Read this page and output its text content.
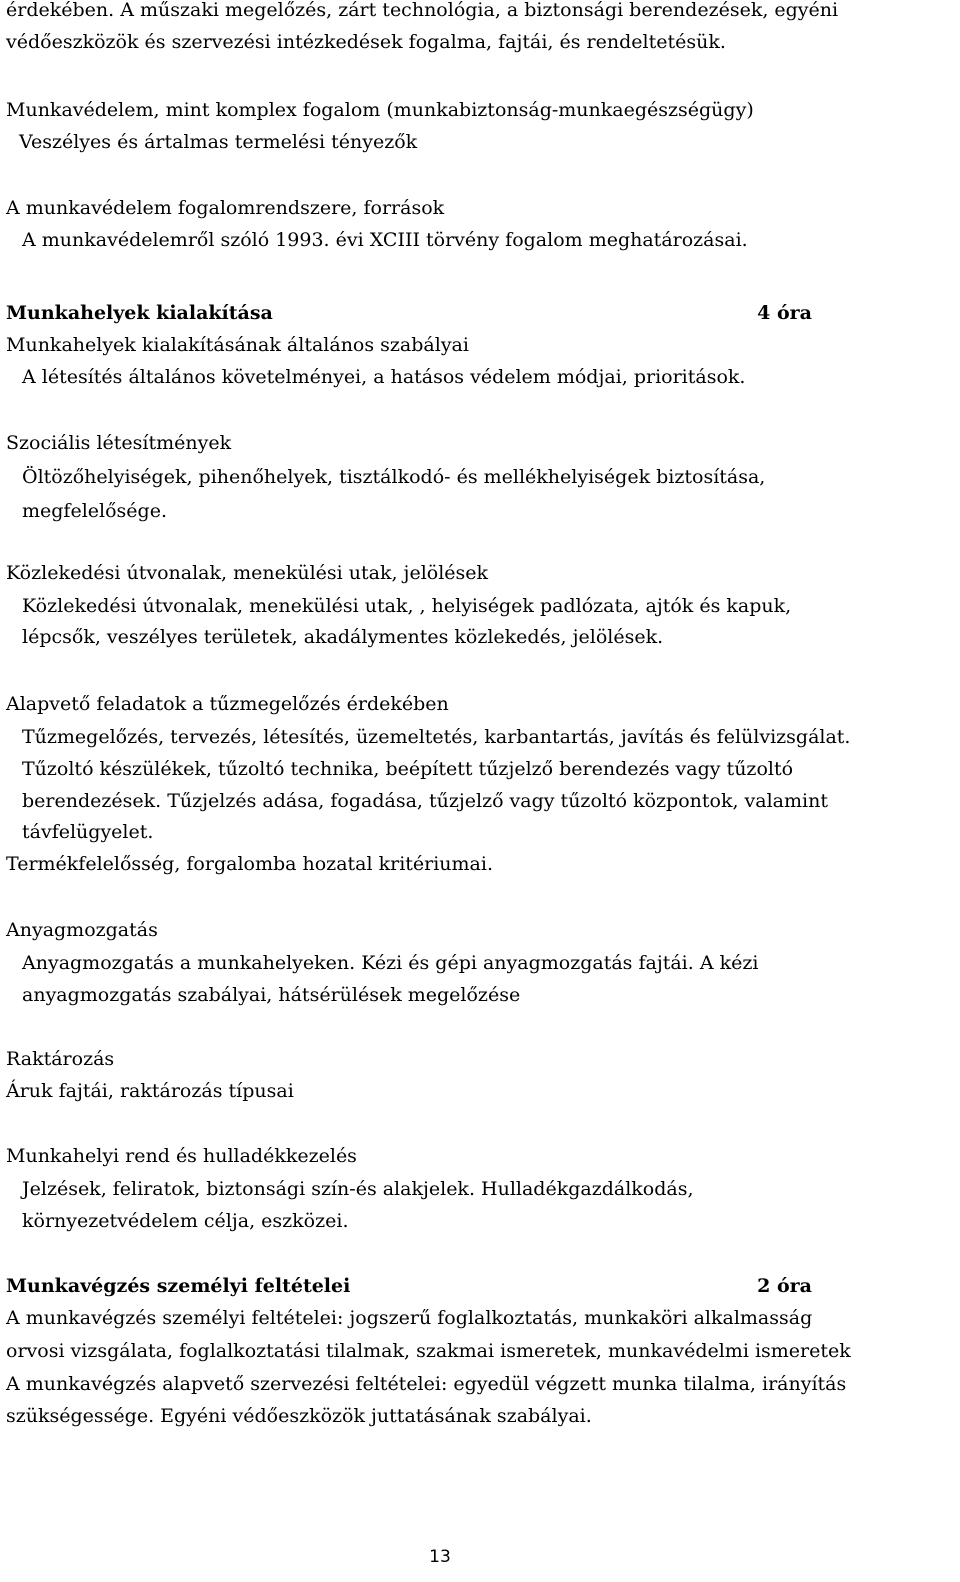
érdekében. A műszaki megelőzés, zárt technológia, a biztonsági berendezések, egyéni
védőeszközök és szervezési intézkedések fogalma, fajtái, és rendeltetésük.
Munkavédelem, mint komplex fogalom (munkabiztonság-munkaegészségügy)
Veszélyes és ártalmas termelési tényezők
A munkavédelem fogalomrendszere, források
A munkavédelemről szóló 1993. évi XCIII törvény fogalom meghatározásai.
Munkahelyek kialakítása	4 óra
Munkahelyek kialakításának általános szabályai
A létesítés általános követelményei, a hatásos védelem módjai, prioritások.
Szociális létesítmények
Öltözőhelyiségek, pihenőhelyek, tisztálkodó- és mellékhelyiségek biztosítása,
megfelelősége.
Közlekedési útvonalak, menekülési utak, jelölések
Közlekedési útvonalak, menekülési utak, , helyiségek padlózata, ajtók és kapuk,
lépcsők, veszélyes területek, akadálymentes közlekedés, jelölések.
Alapvető feladatok a tűzmegelőzés érdekében
Tűzmegelőzés, tervezés, létesítés, üzemeltetés, karbantartás, javítás és felülvizsgálat.
Tűzoltó készülékek, tűzoltó technika, beépített tűzjelző berendezés vagy tűzoltó
berendezések. Tűzjelzés adása, fogadása, tűzjelző vagy tűzoltó központok, valamint
távfelügyelet.
Termékfelelősség, forgalomba hozatal kritériumai.
Anyagmozgatás
Anyagmozgatás a munkahelyeken. Kézi és gépi anyagmozgatás fajtái. A kézi
anyagmozgatás szabályai, hátsérülések megelőzése
Raktározás
Áruk fajtái, raktározás típusai
Munkahelyi rend és hulladékkezelés
Jelzések, feliratok, biztonsági szín-és alakjelek. Hulladékgazdálkodás,
környezetvédelem célja, eszközei.
Munkavégzés személyi feltételei	2 óra
A munkavégzés személyi feltételei: jogszerű foglalkoztatás, munkaköri alkalmasság
orvosi vizsgálata, foglalkoztatási tilalmak, szakmai ismeretek, munkavédelmi ismeretek
A munkavégzés alapvető szervezési feltételei: egyedül végzett munka tilalma, irányítás
szükségessége. Egyéni védőeszközök juttatásának szabályai.
13
